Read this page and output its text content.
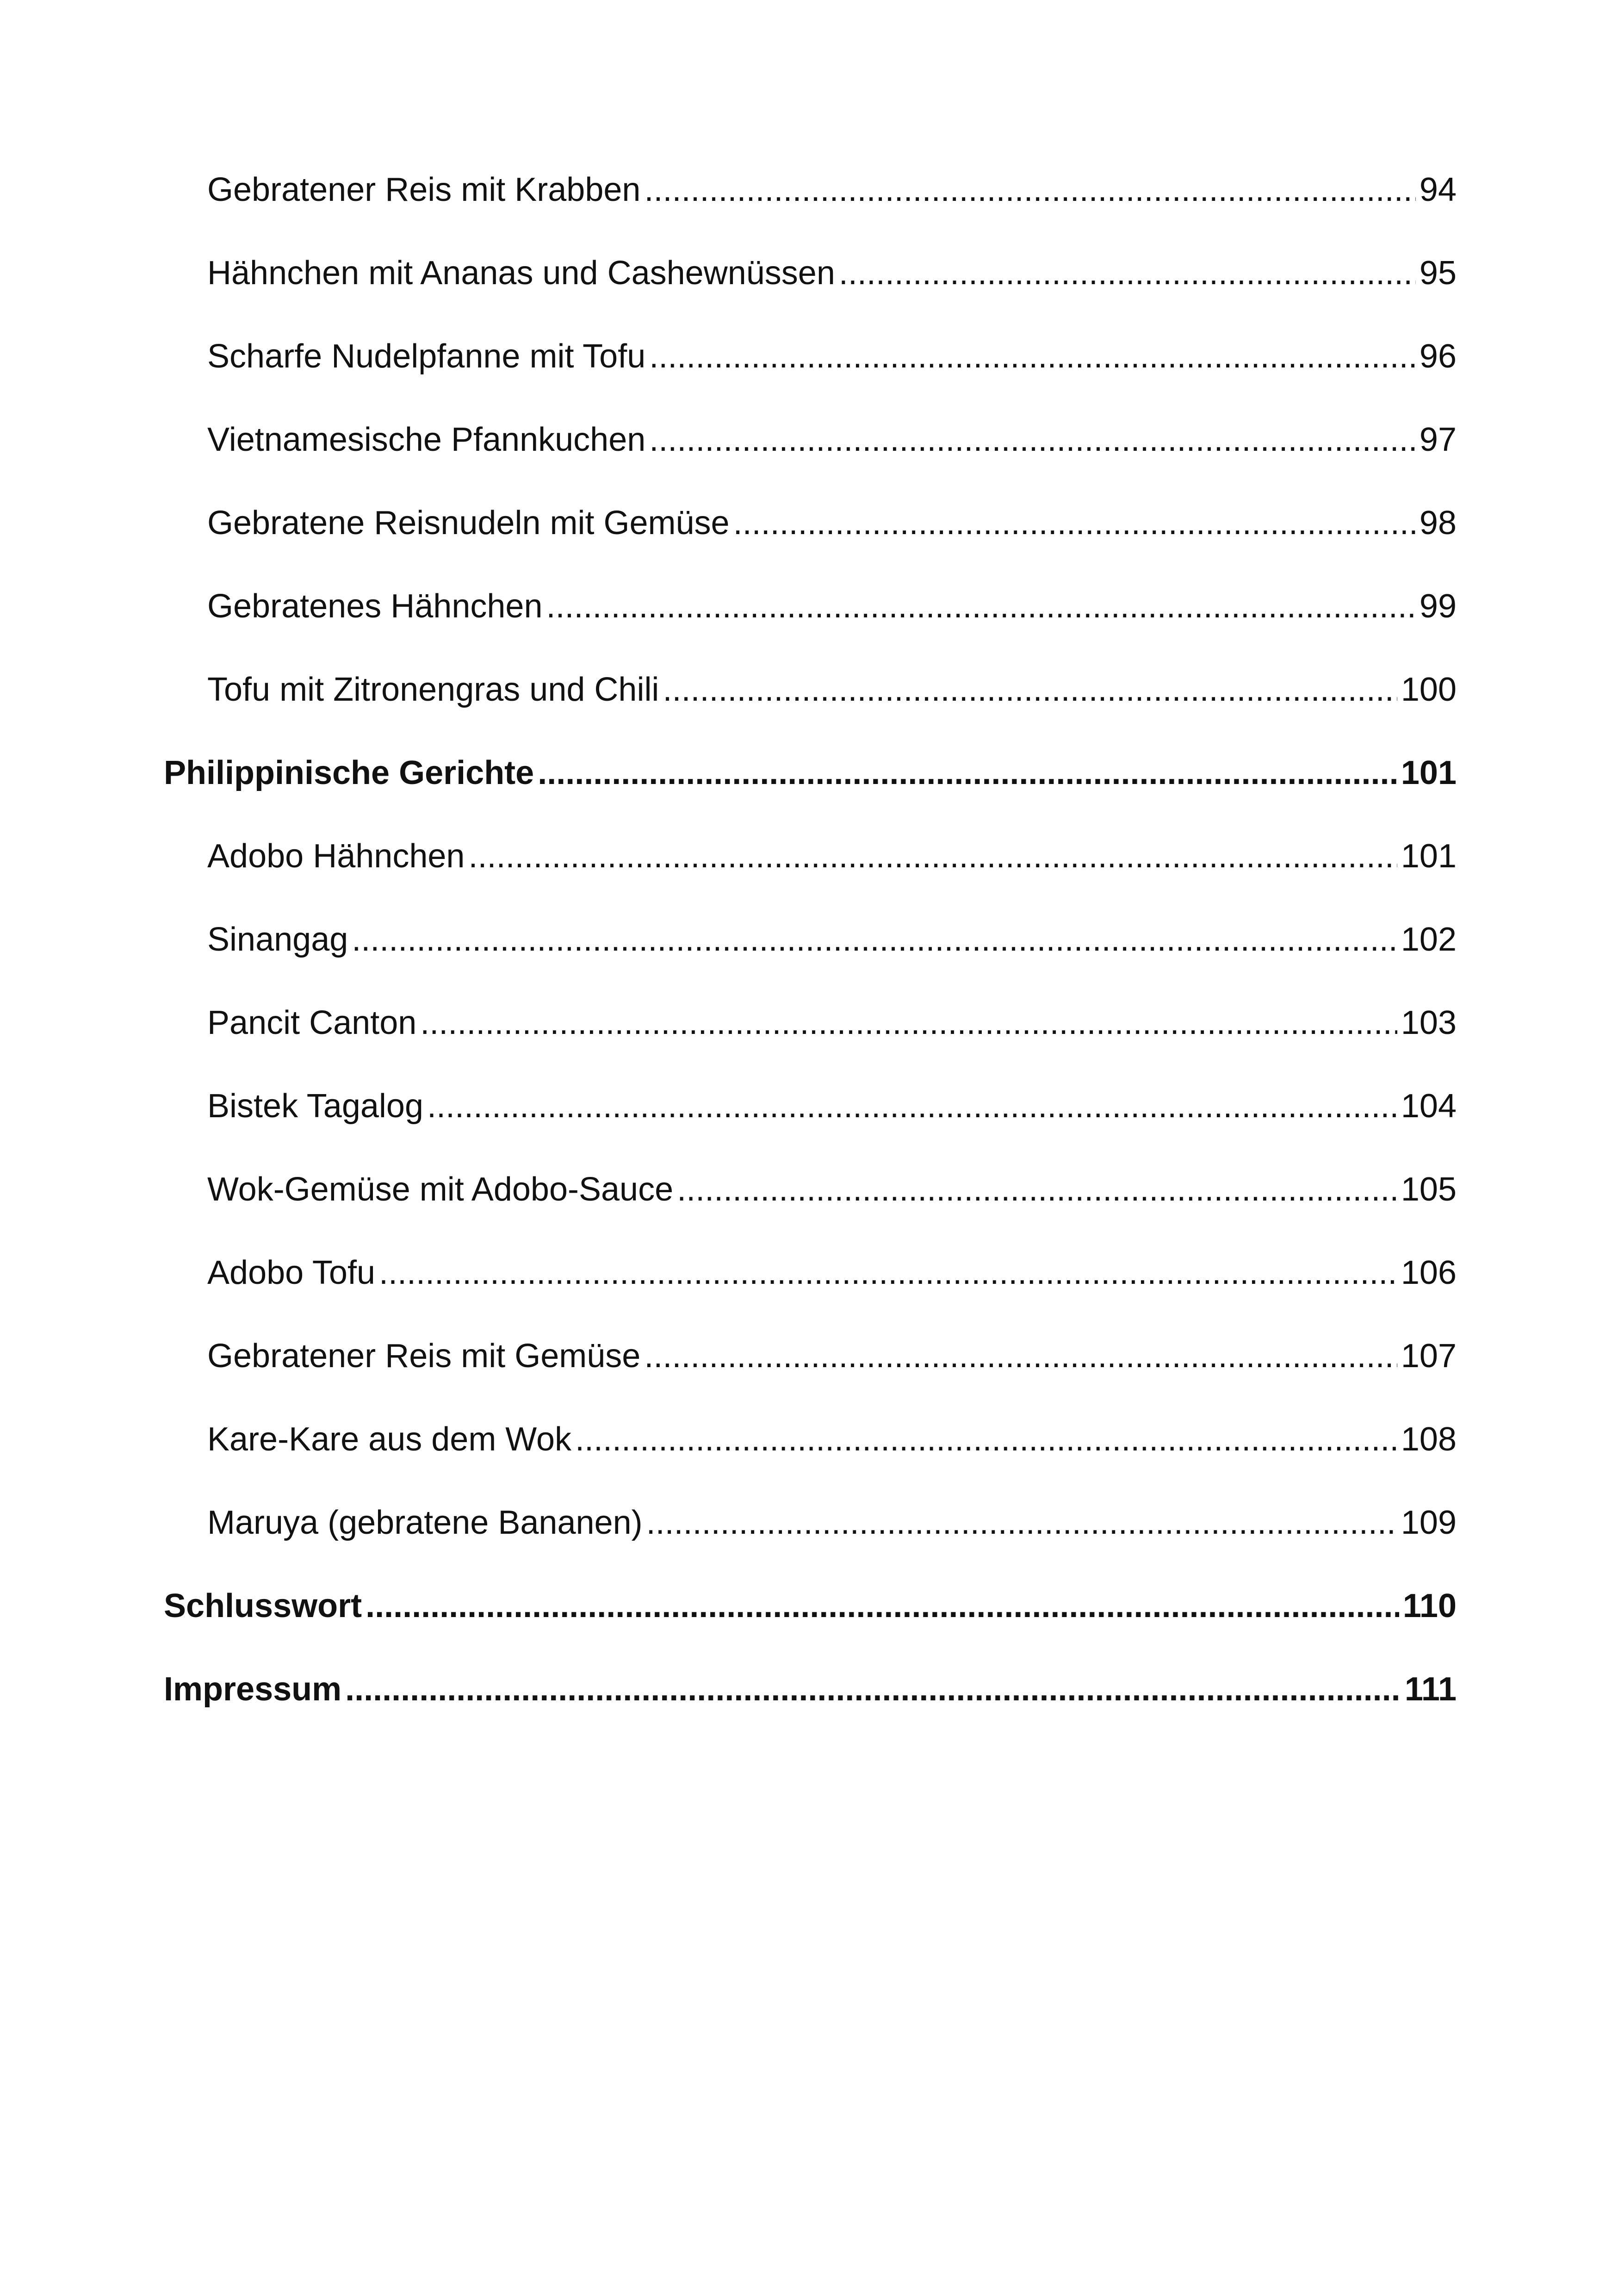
Gebratener Reis mit Krabben .....	94
Hähnchen mit Ananas und Cashewnüssen .....	95
Scharfe Nudelpfanne mit Tofu .....	96
Vietnamesische Pfannkuchen .....	97
Gebratene Reisnudeln mit Gemüse .....	98
Gebratenes Hähnchen .....	99
Tofu mit Zitronengras und Chili .....	100
Philippinische Gerichte .....	101
Adobo Hähnchen .....	101
Sinangag .....	102
Pancit Canton .....	103
Bistek Tagalog .....	104
Wok-Gemüse mit Adobo-Sauce .....	105
Adobo Tofu .....	106
Gebratener Reis mit Gemüse .....	107
Kare-Kare aus dem Wok .....	108
Maruya (gebratene Bananen) .....	109
Schlusswort .....	110
Impressum .....	111
